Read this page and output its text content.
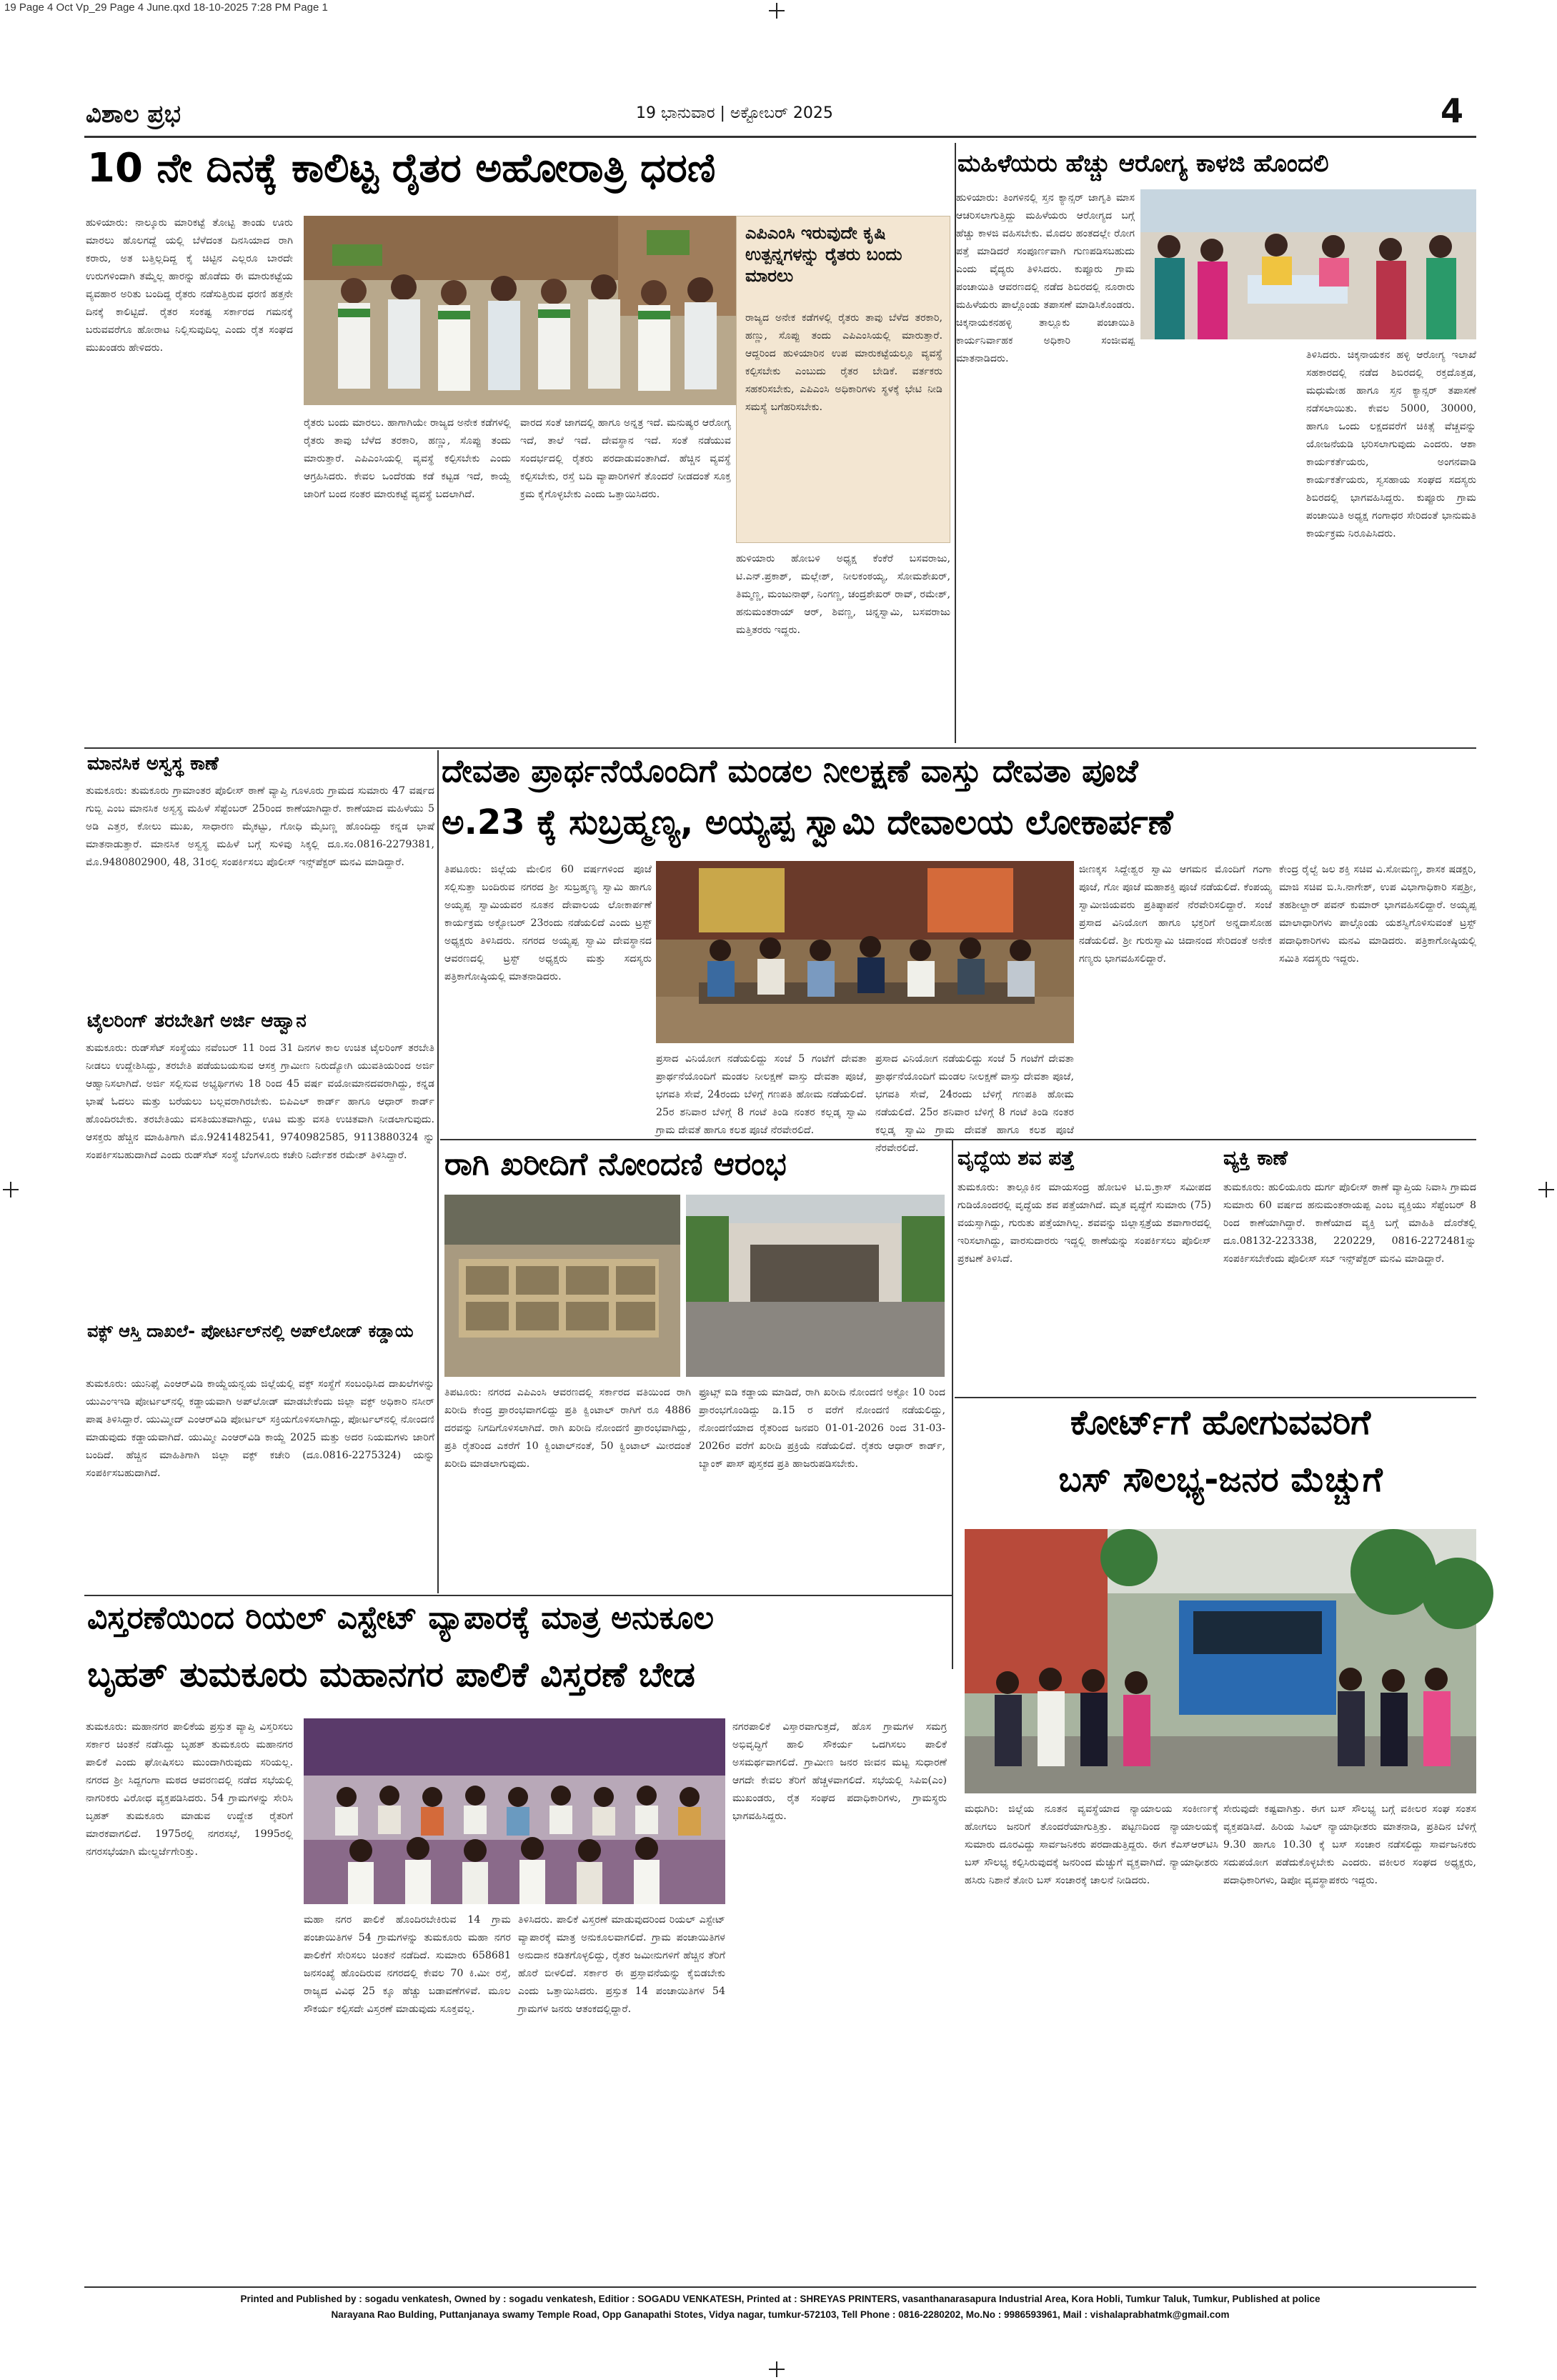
19 Page 4 Oct Vp_29 Page 4 June.qxd 18-10-2025 7:28 PM Page 1
ವಿಶಾಲ ಪ್ರಭ	19 ಭಾನುವಾರ | ಅಕ್ಟೋಬರ್ 2025	4
10 ನೇ ದಿನಕ್ಕೆ ಕಾಲಿಟ್ಟ ರೈತರ ಅಹೋರಾತ್ರಿ ಧರಣಿ
ಹುಳಿಯಾರು: ನಾಲ್ಕೂರು ಮಾರಿಕಟ್ಟೆ ತೋಟ್ಟಿ ತಾಂಡು ಊರು ಮಾರಲು ಹೊಲಗದ್ದೆ ಯಲ್ಲಿ ಬೆಳೆದಂತ ದಿನಸಿಯಾದ ರಾಗಿ ಕರಾರು, ಅತ ಬತ್ತಿಲ್ಲದಿದ್ದ ಕೈ ಚಿಟ್ಟಿನ ಎಲ್ಲರೂ ಬಾರದೇ ಉರುಗಳಿಂದಾಗಿ ತಮ್ಮೆಲ್ಲ ಹಾರನ್ನು ಹೊಡೆದು ಈ ಮಾರುಕಟ್ಟೆಯ ವ್ಯವಹಾರ ಅರಿತು ಬಂದಿದ್ದ ರೈತರು ನಡೆಸುತ್ತಿರುವ ಧರಣಿ ಹತ್ತನೇ ದಿನಕ್ಕೆ ಕಾಲಿಟ್ಟಿದೆ. ರೈತರ ಸಂಕಷ್ಟ ಸರ್ಕಾರದ ಗಮನಕ್ಕೆ ಬರುವವರೆಗೂ ಹೋರಾಟ ನಿಲ್ಲಿಸುವುದಿಲ್ಲ ಎಂದು ರೈತ ಸಂಘದ ಮುಖಂಡರು ಹೇಳಿದರು.
ರೈತರು ಬಂದು ಮಾರಲು. ಹಾಗಾಗಿಯೇ ರಾಜ್ಯದ ಅನೇಕ ಕಡೆಗಳಲ್ಲಿ ರೈತರು ತಾವು ಬೆಳೆದ ತರಕಾರಿ, ಹಣ್ಣು, ಸೊಪ್ಪು ತಂದು ಮಾರುತ್ತಾರೆ. ಎಪಿಎಂಸಿಯಲ್ಲಿ ವ್ಯವಸ್ಥೆ ಕಲ್ಪಿಸಬೇಕು ಎಂದು ಆಗ್ರಹಿಸಿದರು. ಕೇವಲ ಒಂದೆರಡು ಕಡೆ ಕಟ್ಟಡ ಇದೆ, ಕಾಯ್ದೆ ಜಾರಿಗೆ ಬಂದ ನಂತರ ಮಾರುಕಟ್ಟೆ ವ್ಯವಸ್ಥೆ ಬದಲಾಗಿದೆ.
ವಾರದ ಸಂತೆ ಜಾಗದಲ್ಲಿ ಹಾಗೂ ಅನ್ನತ್ರ ಇದೆ. ಮನುಷ್ಯರ ಆರೋಗ್ಯ ಇದೆ, ತಾಲೆ ಇದೆ. ದೇವಸ್ಥಾನ ಇದೆ. ಸಂತೆ ನಡೆಯುವ ಸಂದರ್ಭದಲ್ಲಿ ರೈತರು ಪರದಾಡುವಂತಾಗಿದೆ. ಹೆಚ್ಚಿನ ವ್ಯವಸ್ಥೆ ಕಲ್ಪಿಸಬೇಕು, ರಸ್ತೆ ಬದಿ ವ್ಯಾಪಾರಿಗಳಿಗೆ ತೊಂದರೆ ನೀಡದಂತೆ ಸೂಕ್ತ ಕ್ರಮ ಕೈಗೊಳ್ಳಬೇಕು ಎಂದು ಒತ್ತಾಯಿಸಿದರು.
ಎಪಿಎಂಸಿ ಇರುವುದೇ ಕೃಷಿ ಉತ್ಪನ್ನಗಳನ್ನು ರೈತರು ಬಂದು ಮಾರಲು
ರಾಜ್ಯದ ಅನೇಕ ಕಡೆಗಳಲ್ಲಿ ರೈತರು ತಾವು ಬೆಳೆದ ತರಕಾರಿ, ಹಣ್ಣು, ಸೊಪ್ಪು ತಂದು ಎಪಿಎಂಸಿಯಲ್ಲಿ ಮಾರುತ್ತಾರೆ. ಆದ್ದರಿಂದ ಹುಳಿಯಾರಿನ ಉಪ ಮಾರುಕಟ್ಟೆಯಲ್ಲೂ ವ್ಯವಸ್ಥೆ ಕಲ್ಪಿಸಬೇಕು ಎಂಬುದು ರೈತರ ಬೇಡಿಕೆ. ವರ್ತಕರು ಸಹಕರಿಸಬೇಕು, ಎಪಿಎಂಸಿ ಅಧಿಕಾರಿಗಳು ಸ್ಥಳಕ್ಕೆ ಭೇಟಿ ನೀಡಿ ಸಮಸ್ಯೆ ಬಗೆಹರಿಸಬೇಕು.
ಹುಳಿಯಾರು ಹೋಬಳಿ ಅಧ್ಯಕ್ಷ ಕೆಂಕೆರೆ ಬಸವರಾಜು, ಟಿ.ಎನ್.ಪ್ರಕಾಶ್, ಮಲ್ಲೇಶ್, ನೀಲಕಂಠಯ್ಯ, ಸೋಮಶೇಖರ್, ತಿಮ್ಮಣ್ಣ, ಮಂಜುನಾಥ್, ನಿಂಗಣ್ಣ, ಚಂದ್ರಶೇಖರ್ ರಾವ್, ರಮೇಶ್, ಹನುಮಂತರಾಯ್ ಆರ್, ಶಿವಣ್ಣ, ಚಿನ್ನಸ್ವಾಮಿ, ಬಸವರಾಜು ಮತ್ತಿತರರು ಇದ್ದರು.
ಮಹಿಳೆಯರು ಹೆಚ್ಚು ಆರೋಗ್ಯ ಕಾಳಜಿ ಹೊಂದಲಿ
ಹುಳಿಯಾರು: ತಿಂಗಳಿನಲ್ಲಿ ಸ್ತನ ಕ್ಯಾನ್ಸರ್ ಜಾಗೃತಿ ಮಾಸ ಆಚರಿಸಲಾಗುತ್ತಿದ್ದು ಮಹಿಳೆಯರು ಆರೋಗ್ಯದ ಬಗ್ಗೆ ಹೆಚ್ಚು ಕಾಳಜಿ ವಹಿಸಬೇಕು. ಮೊದಲ ಹಂತದಲ್ಲೇ ರೋಗ ಪತ್ತೆ ಮಾಡಿದರೆ ಸಂಪೂರ್ಣವಾಗಿ ಗುಣಪಡಿಸಬಹುದು ಎಂದು ವೈದ್ಯರು ತಿಳಿಸಿದರು. ಕುಪ್ಪೂರು ಗ್ರಾಮ ಪಂಚಾಯಿತಿ ಆವರಣದಲ್ಲಿ ನಡೆದ ಶಿಬಿರದಲ್ಲಿ ನೂರಾರು ಮಹಿಳೆಯರು ಪಾಲ್ಗೊಂಡು ತಪಾಸಣೆ ಮಾಡಿಸಿಕೊಂಡರು. ಚಿಕ್ಕನಾಯಕನಹಳ್ಳಿ ತಾಲ್ಲೂಕು ಪಂಚಾಯಿತಿ ಕಾರ್ಯನಿರ್ವಾಹಕ ಅಧಿಕಾರಿ ಸಂಜೀವಪ್ಪ ಮಾತನಾಡಿದರು.	ತಿಳಿಸಿದರು. ಚಿಕ್ಕನಾಯಕನ ಹಳ್ಳಿ ಆರೋಗ್ಯ ಇಲಾಖೆ ಸಹಕಾರದಲ್ಲಿ ನಡೆದ ಶಿಬಿರದಲ್ಲಿ ರಕ್ತದೊತ್ತಡ, ಮಧುಮೇಹ ಹಾಗೂ ಸ್ತನ ಕ್ಯಾನ್ಸರ್ ತಪಾಸಣೆ ನಡೆಸಲಾಯಿತು. ಕೇವಲ 5000, 30000, ಹಾಗೂ ಒಂದು ಲಕ್ಷದವರೆಗೆ ಚಿಕಿತ್ಸೆ ವೆಚ್ಚವನ್ನು ಯೋಜನೆಯಡಿ ಭರಿಸಲಾಗುವುದು ಎಂದರು. ಆಶಾ ಕಾರ್ಯಕರ್ತೆಯರು, ಅಂಗನವಾಡಿ ಕಾರ್ಯಕರ್ತೆಯರು, ಸ್ವಸಹಾಯ ಸಂಘದ ಸದಸ್ಯರು ಶಿಬಿರದಲ್ಲಿ ಭಾಗವಹಿಸಿದ್ದರು. ಕುಪ್ಪೂರು ಗ್ರಾಮ ಪಂಚಾಯಿತಿ ಅಧ್ಯಕ್ಷ ಗಂಗಾಧರ ಸೇರಿದಂತೆ ಭಾನುಮತಿ ಕಾರ್ಯಕ್ರಮ ನಿರೂಪಿಸಿದರು.
ಮಾನಸಿಕ ಅಸ್ವಸ್ಥ ಕಾಣೆ
ತುಮಕೂರು: ತುಮಕೂರು ಗ್ರಾಮಾಂತರ ಪೊಲೀಸ್ ಠಾಣೆ ವ್ಯಾಪ್ತಿ ಗೂಳೂರು ಗ್ರಾಮದ ಸುಮಾರು 47 ವರ್ಷದ ಗುಬ್ಬಿ ಎಂಬ ಮಾನಸಿಕ ಅಸ್ವಸ್ಥ ಮಹಿಳೆ ಸೆಪ್ಟೆಂಬರ್ 25ರಿಂದ ಕಾಣೆಯಾಗಿದ್ದಾರೆ. ಕಾಣೆಯಾದ ಮಹಿಳೆಯು 5 ಅಡಿ ಎತ್ತರ, ಕೋಲು ಮುಖ, ಸಾಧಾರಣ ಮೈಕಟ್ಟು, ಗೋಧಿ ಮೈಬಣ್ಣ ಹೊಂದಿದ್ದು ಕನ್ನಡ ಭಾಷೆ ಮಾತನಾಡುತ್ತಾರೆ. ಮಾನಸಿಕ ಅಸ್ವಸ್ಥ ಮಹಿಳೆ ಬಗ್ಗೆ ಸುಳಿವು ಸಿಕ್ಕಲ್ಲಿ ದೂ.ಸಂ.0816-2279381, ಮೊ.9480802900, 48, 31ರಲ್ಲಿ ಸಂಪರ್ಕಿಸಲು ಪೊಲೀಸ್ ಇನ್ಸ್‌ಪೆಕ್ಟರ್ ಮನವಿ ಮಾಡಿದ್ದಾರೆ.
ಟೈಲರಿಂಗ್ ತರಬೇತಿಗೆ ಅರ್ಜಿ ಆಹ್ವಾನ
ತುಮಕೂರು: ರುಡ್‌ಸೆಟ್ ಸಂಸ್ಥೆಯು ನವೆಂಬರ್ 11 ರಿಂದ 31 ದಿನಗಳ ಕಾಲ ಉಚಿತ ಟೈಲರಿಂಗ್ ತರಬೇತಿ ನೀಡಲು ಉದ್ದೇಶಿಸಿದ್ದು, ತರಬೇತಿ ಪಡೆಯಬಯಸುವ ಆಸಕ್ತ ಗ್ರಾಮೀಣ ನಿರುದ್ಯೋಗಿ ಯುವತಿಯರಿಂದ ಅರ್ಜಿ ಆಹ್ವಾನಿಸಲಾಗಿದೆ. ಅರ್ಜಿ ಸಲ್ಲಿಸುವ ಅಭ್ಯರ್ಥಿಗಳು 18 ರಿಂದ 45 ವರ್ಷ ವಯೋಮಾನದವರಾಗಿದ್ದು, ಕನ್ನಡ ಭಾಷೆ ಓದಲು ಮತ್ತು ಬರೆಯಲು ಬಲ್ಲವರಾಗಿರಬೇಕು. ಬಿಪಿಎಲ್ ಕಾರ್ಡ್ ಹಾಗೂ ಆಧಾರ್ ಕಾರ್ಡ್ ಹೊಂದಿರಬೇಕು. ತರಬೇತಿಯು ವಸತಿಯುತವಾಗಿದ್ದು, ಊಟ ಮತ್ತು ವಸತಿ ಉಚಿತವಾಗಿ ನೀಡಲಾಗುವುದು. ಆಸಕ್ತರು ಹೆಚ್ಚಿನ ಮಾಹಿತಿಗಾಗಿ ಮೊ.9241482541, 9740982585, 9113880324 ನ್ನು ಸಂಪರ್ಕಿಸಬಹುದಾಗಿದೆ ಎಂದು ರುಡ್‌ಸೆಟ್ ಸಂಸ್ಥೆ ಬೆಂಗಳೂರು ಕಚೇರಿ ನಿರ್ದೇಶಕ ರಮೇಶ್ ತಿಳಿಸಿದ್ದಾರೆ.
ವಕ್ಫ್ ಆಸ್ತಿ ದಾಖಲೆ- ಪೋರ್ಟಲ್‌ನಲ್ಲಿ ಅಪ್‌ಲೋಡ್ ಕಡ್ಡಾಯ
ತುಮಕೂರು: ಯುನಿಫೈ ಎಂಆರ್‌ವಿಡಿ ಕಾಯ್ದೆಯನ್ವಯ ಜಿಲ್ಲೆಯಲ್ಲಿ ವಕ್ಫ್ ಸಂಸ್ಥೆಗೆ ಸಂಬಂಧಿಸಿದ ದಾಖಲೆಗಳನ್ನು ಯುಎಂಇಇಡಿ ಪೋರ್ಟಲ್‌ನಲ್ಲಿ ಕಡ್ಡಾಯವಾಗಿ ಅಪ್‌ಲೋಡ್ ಮಾಡಬೇಕೆಂದು ಜಿಲ್ಲಾ ವಕ್ಫ್ ಅಧಿಕಾರಿ ನಸೀರ್ ಪಾಷ ತಿಳಿಸಿದ್ದಾರೆ. ಯುಮ್ಮೀದ್ ಎಂಆರ್‌ವಿಡಿ ಪೋರ್ಟಲ್ ಸಕ್ರಿಯಗೊಳಿಸಲಾಗಿದ್ದು, ಪೋರ್ಟಲ್‌ನಲ್ಲಿ ನೋಂದಣಿ ಮಾಡುವುದು ಕಡ್ಡಾಯವಾಗಿದೆ. ಯುಮ್ಮೀ ಎಂಆರ್‌ವಿಡಿ ಕಾಯ್ದೆ 2025 ಮತ್ತು ಅದರ ನಿಯಮಗಳು ಜಾರಿಗೆ ಬಂದಿದೆ. ಹೆಚ್ಚಿನ ಮಾಹಿತಿಗಾಗಿ ಜಿಲ್ಲಾ ವಕ್ಫ್ ಕಚೇರಿ (ದೂ.0816-2275324) ಯನ್ನು ಸಂಪರ್ಕಿಸಬಹುದಾಗಿದೆ.
ದೇವತಾ ಪ್ರಾರ್ಥನೆಯೊಂದಿಗೆ ಮಂಡಲ ನೀಲಕ್ಷಣೆ ವಾಸ್ತು ದೇವತಾ ಪೂಜೆ
ಅ.23 ಕ್ಕೆ ಸುಬ್ರಹ್ಮಣ್ಯ, ಅಯ್ಯಪ್ಪ ಸ್ವಾಮಿ ದೇವಾಲಯ ಲೋಕಾರ್ಪಣೆ
ತಿಪಟೂರು: ಜಿಲ್ಲೆಯ ಮೇಲಿನ 60 ವರ್ಷಗಳಿಂದ ಪೂಜೆ ಸಲ್ಲಿಸುತ್ತಾ ಬಂದಿರುವ ನಗರದ ಶ್ರೀ ಸುಬ್ರಹ್ಮಣ್ಯ ಸ್ವಾಮಿ ಹಾಗೂ ಅಯ್ಯಪ್ಪ ಸ್ವಾಮಿಯವರ ನೂತನ ದೇವಾಲಯ ಲೋಕಾರ್ಪಣೆ ಕಾರ್ಯಕ್ರಮ ಅಕ್ಟೋಬರ್ 23ರಂದು ನಡೆಯಲಿದೆ ಎಂದು ಟ್ರಸ್ಟ್ ಅಧ್ಯಕ್ಷರು ತಿಳಿಸಿದರು. ನಗರದ ಅಯ್ಯಪ್ಪ ಸ್ವಾಮಿ ದೇವಸ್ಥಾನದ ಆವರಣದಲ್ಲಿ ಟ್ರಸ್ಟ್ ಅಧ್ಯಕ್ಷರು ಮತ್ತು ಸದಸ್ಯರು ಪತ್ರಿಕಾಗೋಷ್ಠಿಯಲ್ಲಿ ಮಾತನಾಡಿದರು.
ಪ್ರಸಾದ ವಿನಿಯೋಗ ನಡೆಯಲಿದ್ದು ಸಂಜೆ 5 ಗಂಟೆಗೆ ದೇವತಾ ಪ್ರಾರ್ಥನೆಯೊಂದಿಗೆ ಮಂಡಲ ನೀಲಕ್ಷಣೆ ವಾಸ್ತು ದೇವತಾ ಪೂಜೆ, ಭಗವತಿ ಸೇವೆ, 24ರಂದು ಬೆಳಿಗ್ಗೆ ಗಣಪತಿ ಹೋಮ ನಡೆಯಲಿದೆ. 25ರ ಶನಿವಾರ ಬೆಳಿಗ್ಗೆ 8 ಗಂಟೆ ತಿಂಡಿ ನಂತರ ಕಲ್ಲಡ್ಕ ಸ್ವಾಮಿ ಗ್ರಾಮ ದೇವತೆ ಹಾಗೂ ಕಲಶ ಪೂಜೆ ನೆರವೇರಲಿದೆ.
ಪ್ರಸಾದ ವಿನಿಯೋಗ ನಡೆಯಲಿದ್ದು ಸಂಜೆ 5 ಗಂಟೆಗೆ ದೇವತಾ ಪ್ರಾರ್ಥನೆಯೊಂದಿಗೆ ಮಂಡಲ ನೀಲಕ್ಷಣೆ ವಾಸ್ತು ದೇವತಾ ಪೂಜೆ, ಭಗವತಿ ಸೇವೆ, 24ರಂದು ಬೆಳಿಗ್ಗೆ ಗಣಪತಿ ಹೋಮ ನಡೆಯಲಿದೆ. 25ರ ಶನಿವಾರ ಬೆಳಿಗ್ಗೆ 8 ಗಂಟೆ ತಿಂಡಿ ನಂತರ ಕಲ್ಲಡ್ಕ ಸ್ವಾಮಿ ಗ್ರಾಮ ದೇವತೆ ಹಾಗೂ ಕಲಶ ಪೂಜೆ ನೆರವೇರಲಿದೆ.
ಜೀಣಕ್ಕಸ ಸಿದ್ದೇಶ್ವರ ಸ್ವಾಮಿ ಆಗಮನ ಮೊಂದಿಗೆ ಗಂಗಾ ಪೂಜೆ, ಗೋ ಪೂಜೆ ಮಹಾಶಕ್ತಿ ಪೂಜೆ ನಡೆಯಲಿದೆ. ಕೆಂಪಯ್ಯ ಸ್ವಾಮೀಜಿಯವರು ಪ್ರತಿಷ್ಠಾಪನೆ ನೆರವೇರಿಸಲಿದ್ದಾರೆ. ಸಂಜೆ ಪ್ರಸಾದ ವಿನಿಯೋಗ ಹಾಗೂ ಭಕ್ತರಿಗೆ ಅನ್ನದಾಸೋಹ ನಡೆಯಲಿದೆ. ಶ್ರೀ ಗುರುಸ್ವಾಮಿ ಚಿದಾನಂದ ಸೇರಿದಂತೆ ಅನೇಕ ಗಣ್ಯರು ಭಾಗವಹಿಸಲಿದ್ದಾರೆ.
ಕೇಂದ್ರ ರೈಲ್ವೆ ಜಲ ಶಕ್ತಿ ಸಚಿವ ವಿ.ಸೋಮಣ್ಣ, ಶಾಸಕ ಷಡಕ್ಷರಿ, ಮಾಜಿ ಸಚಿವ ಬಿ.ಸಿ.ನಾಗೇಶ್, ಉಪ ವಿಭಾಗಾಧಿಕಾರಿ ಸಪ್ತಶ್ರೀ, ತಹಶೀಲ್ದಾರ್ ಪವನ್ ಕುಮಾರ್ ಭಾಗವಹಿಸಲಿದ್ದಾರೆ. ಅಯ್ಯಪ್ಪ ಮಾಲಾಧಾರಿಗಳು ಪಾಲ್ಗೊಂಡು ಯಶಸ್ವಿಗೊಳಿಸುವಂತೆ ಟ್ರಸ್ಟ್ ಪದಾಧಿಕಾರಿಗಳು ಮನವಿ ಮಾಡಿದರು. ಪತ್ರಿಕಾಗೋಷ್ಠಿಯಲ್ಲಿ ಸಮಿತಿ ಸದಸ್ಯರು ಇದ್ದರು.
ರಾಗಿ ಖರೀದಿಗೆ ನೋಂದಣಿ ಆರಂಭ
ತಿಪಟೂರು: ನಗರದ ಎಪಿಎಂಸಿ ಆವರಣದಲ್ಲಿ ಸರ್ಕಾರದ ವತಿಯಿಂದ ರಾಗಿ ಖರೀದಿ ಕೇಂದ್ರ ಪ್ರಾರಂಭವಾಗಲಿದ್ದು ಪ್ರತಿ ಕ್ವಿಂಟಾಲ್ ರಾಗಿಗೆ ರೂ 4886 ದರವನ್ನು ನಿಗದಿಗೊಳಿಸಲಾಗಿದೆ. ರಾಗಿ ಖರೀದಿ ನೋಂದಣಿ ಪ್ರಾರಂಭವಾಗಿದ್ದು, ಪ್ರತಿ ರೈತರಿಂದ ಎಕರೆಗೆ 10 ಕ್ವಿಂಟಾಲ್‌ನಂತೆ, 50 ಕ್ವಿಂಟಾಲ್ ಮೀರದಂತೆ ಖರೀದಿ ಮಾಡಲಾಗುವುದು.
ಫ್ರೂಟ್ಸ್ ಐಡಿ ಕಡ್ಡಾಯ ಮಾಡಿದೆ, ರಾಗಿ ಖರೀದಿ ನೋಂದಣಿ ಅಕ್ಟೋ 10 ರಿಂದ ಪ್ರಾರಂಭಗೊಂಡಿದ್ದು ಡಿ.15 ರ ವರೆಗೆ ನೋಂದಣಿ ನಡೆಯಲಿದ್ದು, ನೋಂದಣಿಯಾದ ರೈತರಿಂದ ಜನವರಿ 01-01-2026 ರಿಂದ 31-03-2026ರ ವರೆಗೆ ಖರೀದಿ ಪ್ರಕ್ರಿಯೆ ನಡೆಯಲಿದೆ. ರೈತರು ಆಧಾರ್ ಕಾರ್ಡ್, ಬ್ಯಾಂಕ್ ಪಾಸ್ ಪುಸ್ತಕದ ಪ್ರತಿ ಹಾಜರುಪಡಿಸಬೇಕು.
ವೃದ್ಧೆಯ ಶವ ಪತ್ತೆ
ತುಮಕೂರು: ತಾಲ್ಲೂಕಿನ ಮಾಯಸಂದ್ರ ಹೋಬಳಿ ಟಿ.ಬಿ.ಕ್ರಾಸ್ ಸಮೀಪದ ಗುಡಿಯೊಂದರಲ್ಲಿ ವೃದ್ಧೆಯ ಶವ ಪತ್ತೆಯಾಗಿದೆ. ಮೃತ ವೃದ್ಧೆಗೆ ಸುಮಾರು (75) ವಯಸ್ಸಾಗಿದ್ದು, ಗುರುತು ಪತ್ತೆಯಾಗಿಲ್ಲ. ಶವವನ್ನು ಜಿಲ್ಲಾಸ್ಪತ್ರೆಯ ಶವಾಗಾರದಲ್ಲಿ ಇರಿಸಲಾಗಿದ್ದು, ವಾರಸುದಾರರು ಇದ್ದಲ್ಲಿ ಠಾಣೆಯನ್ನು ಸಂಪರ್ಕಿಸಲು ಪೊಲೀಸ್ ಪ್ರಕಟಣೆ ತಿಳಿಸಿದೆ.
ವ್ಯಕ್ತಿ ಕಾಣೆ
ತುಮಕೂರು: ಹುಲಿಯೂರು ದುರ್ಗ ಪೊಲೀಸ್ ಠಾಣೆ ವ್ಯಾಪ್ತಿಯ ನಿವಾಸಿ ಗ್ರಾಮದ ಸುಮಾರು 60 ವರ್ಷದ ಹನುಮಂತರಾಯಪ್ಪ ಎಂಬ ವ್ಯಕ್ತಿಯು ಸೆಪ್ಟೆಂಬರ್ 8 ರಿಂದ ಕಾಣೆಯಾಗಿದ್ದಾರೆ. ಕಾಣೆಯಾದ ವ್ಯಕ್ತಿ ಬಗ್ಗೆ ಮಾಹಿತಿ ದೊರೆತಲ್ಲಿ ದೂ.08132-223338, 220229, 0816-2272481ನ್ನು ಸಂಪರ್ಕಿಸಬೇಕೆಂದು ಪೊಲೀಸ್ ಸಬ್ ಇನ್ಸ್‌ಪೆಕ್ಟರ್ ಮನವಿ ಮಾಡಿದ್ದಾರೆ.
ಕೋರ್ಟ್‌ಗೆ ಹೋಗುವವರಿಗೆ
ಬಸ್ ಸೌಲಭ್ಯ-ಜನರ ಮೆಚ್ಚುಗೆ
ಮಧುಗಿರಿ: ಜಿಲ್ಲೆಯ ನೂತನ ವ್ಯವಸ್ಥೆಯಾದ ನ್ಯಾಯಾಲಯ ಸಂಕೀರ್ಣಕ್ಕೆ ಹೋಗಲು ಜನರಿಗೆ ತೊಂದರೆಯಾಗುತ್ತಿತ್ತು. ಪಟ್ಟಣದಿಂದ ನ್ಯಾಯಾಲಯಕ್ಕೆ ಸುಮಾರು ದೂರವಿದ್ದು ಸಾರ್ವಜನಿಕರು ಪರದಾಡುತ್ತಿದ್ದರು. ಈಗ ಕೆಎಸ್‌ಆರ್‌ಟಿಸಿ ಬಸ್ ಸೌಲಭ್ಯ ಕಲ್ಪಿಸಿರುವುದಕ್ಕೆ ಜನರಿಂದ ಮೆಚ್ಚುಗೆ ವ್ಯಕ್ತವಾಗಿದೆ. ನ್ಯಾಯಾಧೀಶರು ಹಸಿರು ನಿಶಾನೆ ತೋರಿ ಬಸ್ ಸಂಚಾರಕ್ಕೆ ಚಾಲನೆ ನೀಡಿದರು.
ಸೇರುವುದೇ ಕಷ್ಟವಾಗಿತ್ತು. ಈಗ ಬಸ್ ಸೌಲಭ್ಯ ಬಗ್ಗೆ ವಕೀಲರ ಸಂಘ ಸಂತಸ ವ್ಯಕ್ತಪಡಿಸಿದೆ. ಹಿರಿಯ ಸಿವಿಲ್ ನ್ಯಾಯಾಧೀಶರು ಮಾತನಾಡಿ, ಪ್ರತಿದಿನ ಬೆಳಿಗ್ಗೆ 9.30 ಹಾಗೂ 10.30 ಕ್ಕೆ ಬಸ್ ಸಂಚಾರ ನಡೆಸಲಿದ್ದು ಸಾರ್ವಜನಿಕರು ಸದುಪಯೋಗ ಪಡೆದುಕೊಳ್ಳಬೇಕು ಎಂದರು. ವಕೀಲರ ಸಂಘದ ಅಧ್ಯಕ್ಷರು, ಪದಾಧಿಕಾರಿಗಳು, ಡಿಪೋ ವ್ಯವಸ್ಥಾಪಕರು ಇದ್ದರು.
ವಿಸ್ತರಣೆಯಿಂದ ರಿಯಲ್ ಎಸ್ಟೇಟ್ ವ್ಯಾಪಾರಕ್ಕೆ ಮಾತ್ರ ಅನುಕೂಲ
ಬೃಹತ್ ತುಮಕೂರು ಮಹಾನಗರ ಪಾಲಿಕೆ ವಿಸ್ತರಣೆ ಬೇಡ
ತುಮಕೂರು: ಮಹಾನಗರ ಪಾಲಿಕೆಯ ಪ್ರಸ್ತುತ ವ್ಯಾಪ್ತಿ ವಿಸ್ತರಿಸಲು ಸರ್ಕಾರ ಚಿಂತನೆ ನಡೆಸಿದ್ದು ಬೃಹತ್ ತುಮಕೂರು ಮಹಾನಗರ ಪಾಲಿಕೆ ಎಂದು ಘೋಷಿಸಲು ಮುಂದಾಗಿರುವುದು ಸರಿಯಲ್ಲ. ನಗರದ ಶ್ರೀ ಸಿದ್ದಗಂಗಾ ಮಠದ ಆವರಣದಲ್ಲಿ ನಡೆದ ಸಭೆಯಲ್ಲಿ ನಾಗರಿಕರು ವಿರೋಧ ವ್ಯಕ್ತಪಡಿಸಿದರು. 54 ಗ್ರಾಮಗಳನ್ನು ಸೇರಿಸಿ ಬೃಹತ್ ತುಮಕೂರು ಮಾಡುವ ಉದ್ದೇಶ ರೈತರಿಗೆ ಮಾರಕವಾಗಲಿದೆ. 1975ರಲ್ಲಿ ನಗರಸಭೆ, 1995ರಲ್ಲಿ ನಗರಸಭೆಯಾಗಿ ಮೇಲ್ದರ್ಜೆಗೇರಿತ್ತು.
ಮಹಾ ನಗರ ಪಾಲಿಕೆ ಹೊಂದಿರಬೇಕಿರುವ 14 ಗ್ರಾಮ ಪಂಚಾಯಿತಿಗಳ 54 ಗ್ರಾಮಗಳನ್ನು ತುಮಕೂರು ಮಹಾ ನಗರ ಪಾಲಿಕೆಗೆ ಸೇರಿಸಲು ಚಿಂತನೆ ನಡೆದಿದೆ. ಸುಮಾರು 658681 ಜನಸಂಖ್ಯೆ ಹೊಂದಿರುವ ನಗರದಲ್ಲಿ ಕೇವಲ 70 ಕಿ.ಮೀ ರಸ್ತೆ, ರಾಜ್ಯದ ವಿವಿಧ 25 ಕ್ಕೂ ಹೆಚ್ಚು ಬಡಾವಣೆಗಳಿವೆ. ಮೂಲ ಸೌಕರ್ಯ ಕಲ್ಪಿಸದೇ ವಿಸ್ತರಣೆ ಮಾಡುವುದು ಸೂಕ್ತವಲ್ಲ.
ತಿಳಿಸಿದರು. ಪಾಲಿಕೆ ವಿಸ್ತರಣೆ ಮಾಡುವುದರಿಂದ ರಿಯಲ್ ಎಸ್ಟೇಟ್ ವ್ಯಾಪಾರಕ್ಕೆ ಮಾತ್ರ ಅನುಕೂಲವಾಗಲಿದೆ. ಗ್ರಾಮ ಪಂಚಾಯಿತಿಗಳ ಅನುದಾನ ಕಡಿತಗೊಳ್ಳಲಿದ್ದು, ರೈತರ ಜಮೀನುಗಳಿಗೆ ಹೆಚ್ಚಿನ ತೆರಿಗೆ ಹೊರೆ ಬೀಳಲಿದೆ. ಸರ್ಕಾರ ಈ ಪ್ರಸ್ತಾವನೆಯನ್ನು ಕೈಬಿಡಬೇಕು ಎಂದು ಒತ್ತಾಯಿಸಿದರು. ಪ್ರಸ್ತುತ 14 ಪಂಚಾಯಿತಿಗಳ 54 ಗ್ರಾಮಗಳ ಜನರು ಆತಂಕದಲ್ಲಿದ್ದಾರೆ.
ನಗರಪಾಲಿಕೆ ವಿಸ್ತಾರವಾಗುತ್ತದೆ, ಹೊಸ ಗ್ರಾಮಗಳ ಸಮಗ್ರ ಅಭಿವೃದ್ಧಿಗೆ ಹಾಲಿ ಸೌಕರ್ಯ ಒದಗಿಸಲು ಪಾಲಿಕೆ ಅಸಮರ್ಥವಾಗಲಿದೆ. ಗ್ರಾಮೀಣ ಜನರ ಜೀವನ ಮಟ್ಟ ಸುಧಾರಣೆ ಆಗದೇ ಕೇವಲ ತೆರಿಗೆ ಹೆಚ್ಚಳವಾಗಲಿದೆ. ಸಭೆಯಲ್ಲಿ ಸಿಪಿಐ(ಎಂ) ಮುಖಂಡರು, ರೈತ ಸಂಘದ ಪದಾಧಿಕಾರಿಗಳು, ಗ್ರಾಮಸ್ಥರು ಭಾಗವಹಿಸಿದ್ದರು.
Printed and Published by : sogadu venkatesh, Owned by : sogadu venkatesh, Editior : SOGADU VENKATESH, Printed at : SHREYAS PRINTERS, vasanthanarasapura Industrial Area, Kora Hobli, Tumkur Taluk, Tumkur, Published at police
Narayana Rao Bulding, Puttanjanaya swamy Temple Road, Opp Ganapathi Stotes, Vidya nagar, tumkur-572103, Tell Phone : 0816-2280202, Mo.No : 9986593961, Mail : vishalaprabhatmk@gmail.com
